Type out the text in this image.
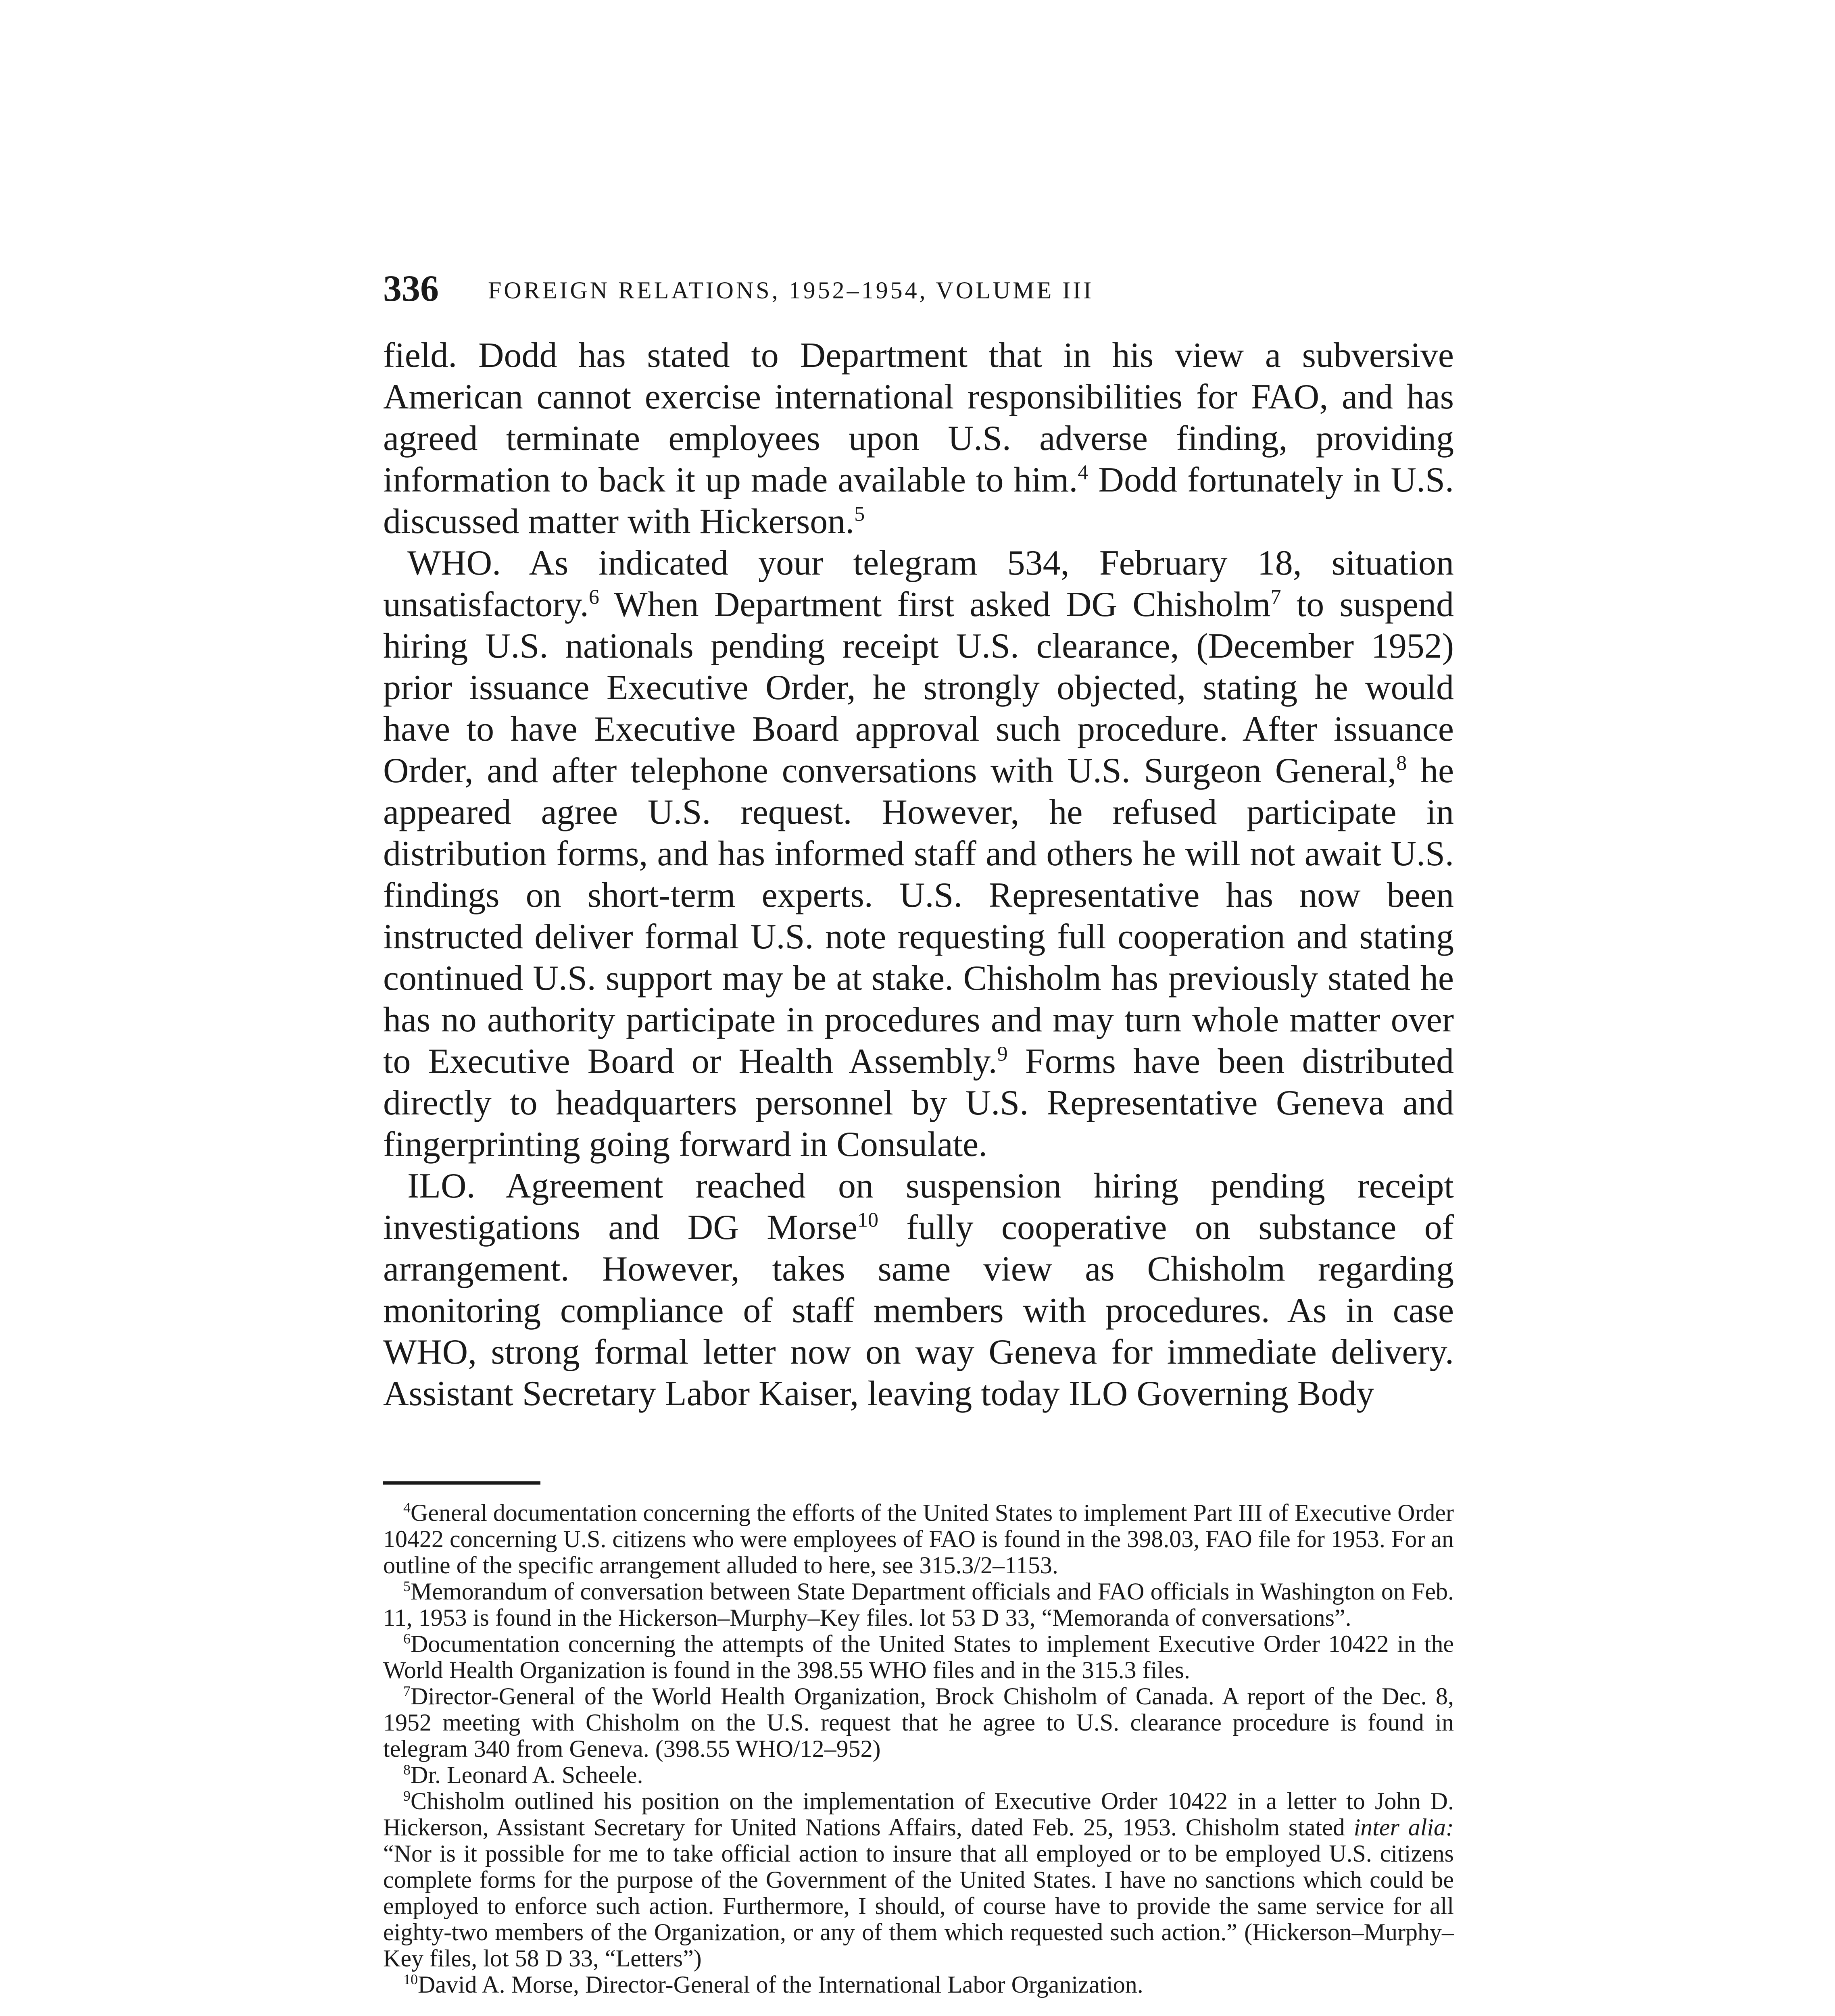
336 FOREIGN RELATIONS, 1952–1954, VOLUME III

field. Dodd has stated to Department that in his view a subversive American cannot exercise international responsibilities for FAO, and has agreed terminate employees upon U.S. adverse finding, providing information to back it up made available to him.$^4$ Dodd fortunately in U.S. discussed matter with Hickerson.$^5$

WHO. As indicated your telegram 534, February 18, situation unsatisfactory.$^6$ When Department first asked DG Chisholm$^7$ to suspend hiring U.S. nationals pending receipt U.S. clearance, (December 1952) prior issuance Executive Order, he strongly objected, stating he would have to have Executive Board approval such procedure. After issuance Order, and after telephone conversations with U.S. Surgeon General,$^8$ he appeared agree U.S. request. However, he refused participate in distribution forms, and has informed staff and others he will not await U.S. findings on short-term experts. U.S. Representative has now been instructed deliver formal U.S. note requesting full cooperation and stating continued U.S. support may be at stake. Chisholm has previously stated he has no authority participate in procedures and may turn whole matter over to Executive Board or Health Assembly.$^9$ Forms have been distributed directly to headquarters personnel by U.S. Representative Geneva and fingerprinting going forward in Consulate.

ILO. Agreement reached on suspension hiring pending receipt investigations and DG Morse$^{10}$ fully cooperative on substance of arrangement. However, takes same view as Chisholm regarding monitoring compliance of staff members with procedures. As in case WHO, strong formal letter now on way Geneva for immediate delivery. Assistant Secretary Labor Kaiser, leaving today ILO Governing Body

$^4$General documentation concerning the efforts of the United States to implement Part III of Executive Order 10422 concerning U.S. citizens who were employees of FAO is found in the 398.03, FAO file for 1953. For an outline of the specific arrangement alluded to here, see 315.3/2–1153.

$^5$Memorandum of conversation between State Department officials and FAO officials in Washington on Feb. 11, 1953 is found in the Hickerson–Murphy–Key files. lot 53 D 33, “Memoranda of conversations”.

$^6$Documentation concerning the attempts of the United States to implement Executive Order 10422 in the World Health Organization is found in the 398.55 WHO files and in the 315.3 files.

$^7$Director-General of the World Health Organization, Brock Chisholm of Canada. A report of the Dec. 8, 1952 meeting with Chisholm on the U.S. request that he agree to U.S. clearance procedure is found in telegram 340 from Geneva. (398.55 WHO/12–952)

$^8$Dr. Leonard A. Scheele.

$^9$Chisholm outlined his position on the implementation of Executive Order 10422 in a letter to John D. Hickerson, Assistant Secretary for United Nations Affairs, dated Feb. 25, 1953. Chisholm stated inter alia: “Nor is it possible for me to take official action to insure that all employed or to be employed U.S. citizens complete forms for the purpose of the Government of the United States. I have no sanctions which could be employed to enforce such action. Furthermore, I should, of course have to provide the same service for all eighty-two members of the Organization, or any of them which requested such action.” (Hickerson–Murphy–Key files, lot 58 D 33, “Letters”)

$^{10}$David A. Morse, Director-General of the International Labor Organization.
